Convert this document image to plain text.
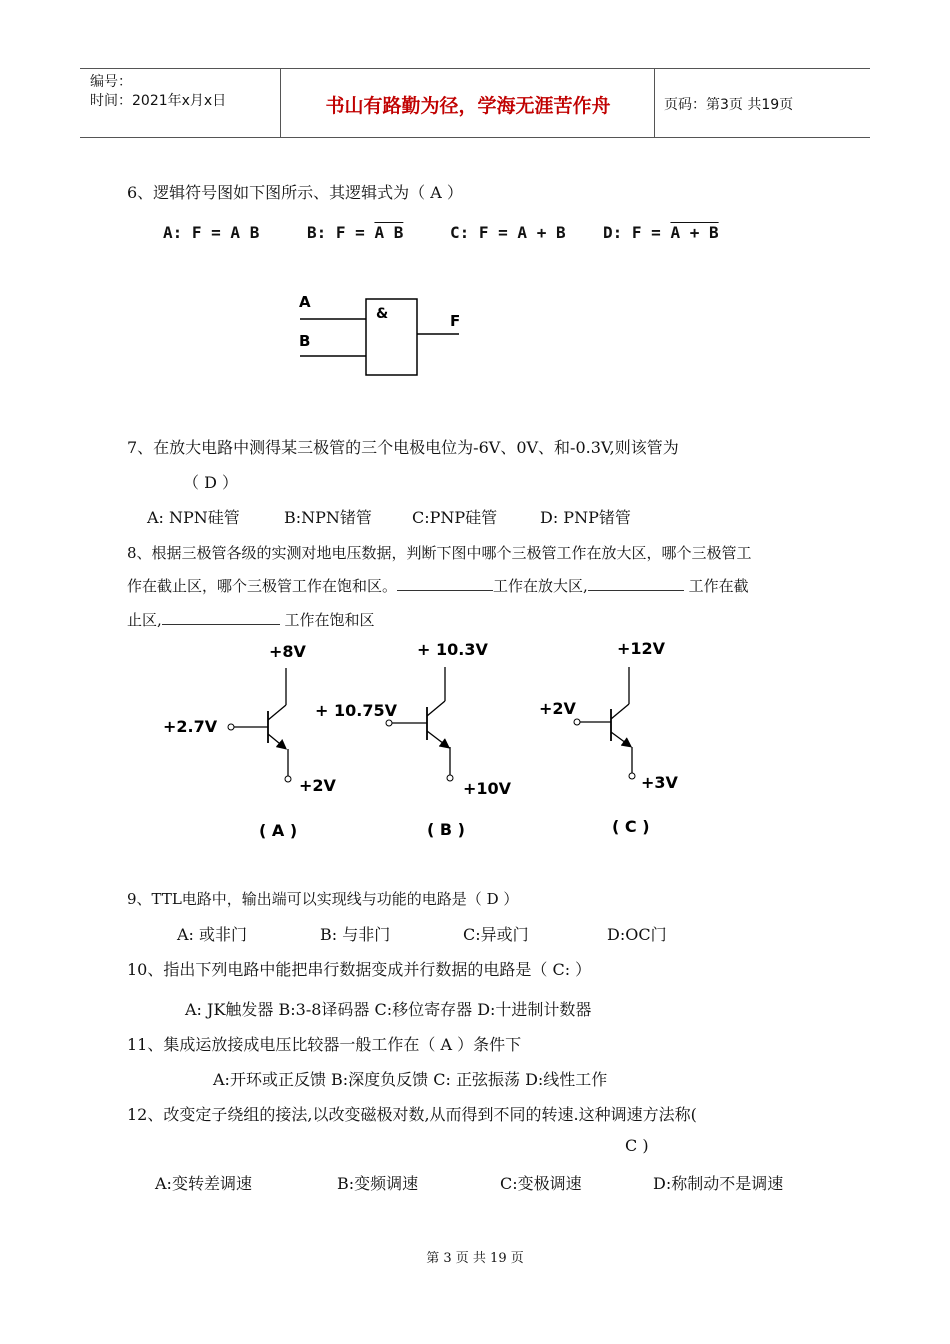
编号：
时间：2021年x月x日	书山有路勤为径，学海无涯苦作舟	页码：第3页 共19页
6、逻辑符号图如下图所示、其逻辑式为（ A ）
A: F = A B	B: F = A B	C: F = A + B D: F = A + B
A
B
&	F
7、在放大电路中测得某三极管的三个电极电位为-6V、0V、和-0.3V,则该管为
（ D ）
A: NPN硅管	B:NPN锗管	C:PNP硅管	D: PNP锗管
8、根据三极管各级的实测对地电压数据，判断下图中哪个三极管工作在放大区，哪个三极管工
作在截止区，哪个三极管工作在饱和区。	工作在放大区,	工作在截
止区,	工作在饱和区
+8V
+2.7V
+2V
( A )
+ 10.3V
+ 10.75V
+10V
( B )
+12V
+2V
+3V
( C )
9、TTL电路中，输出端可以实现线与功能的电路是（ D ）
A: 或非门	B: 与非门	C:异或门	D:OC门
10、指出下列电路中能把串行数据变成并行数据的电路是（ C: ）
A: JK触发器 B:3-8译码器 C:移位寄存器 D:十进制计数器
11、集成运放接成电压比较器一般工作在（ A ）条件下
A:开环或正反馈 B:深度负反馈 C: 正弦振荡 D:线性工作
12、改变定子绕组的接法,以改变磁极对数,从而得到不同的转速.这种调速方法称(
C )
A:变转差调速	B:变频调速	C:变极调速	D:称制动不是调速
第 3 页 共 19 页
